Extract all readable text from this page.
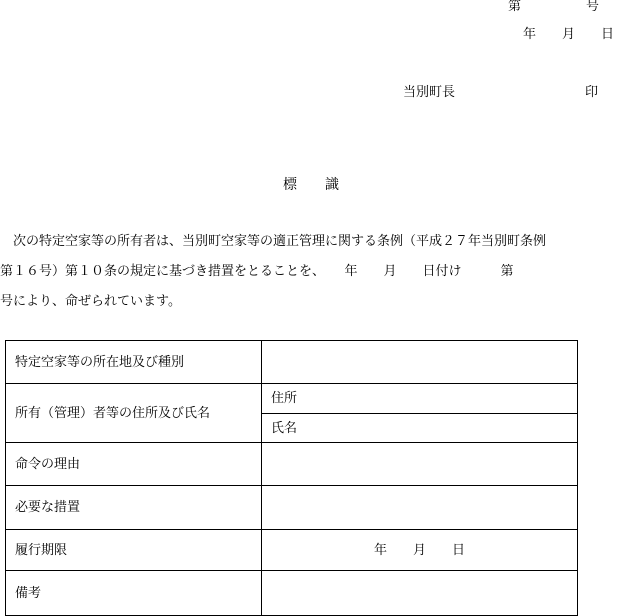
第　　　　　号
年　　月　　日
当別町長	印
標　　識
　次の特定空家等の所有者は、当別町空家等の適正管理に関する条例（平成２７年当別町条例
第１６号）第１０条の規定に基づき措置をとることを、　　年　　月　　日付け　　　第
号により、命ぜられています。
特定空家等の所在地及び種別	
所有（管理）者等の住所及び氏名	住所
	氏名
命令の理由	
必要な措置	
履行期限	年　　月　　日
備考	
